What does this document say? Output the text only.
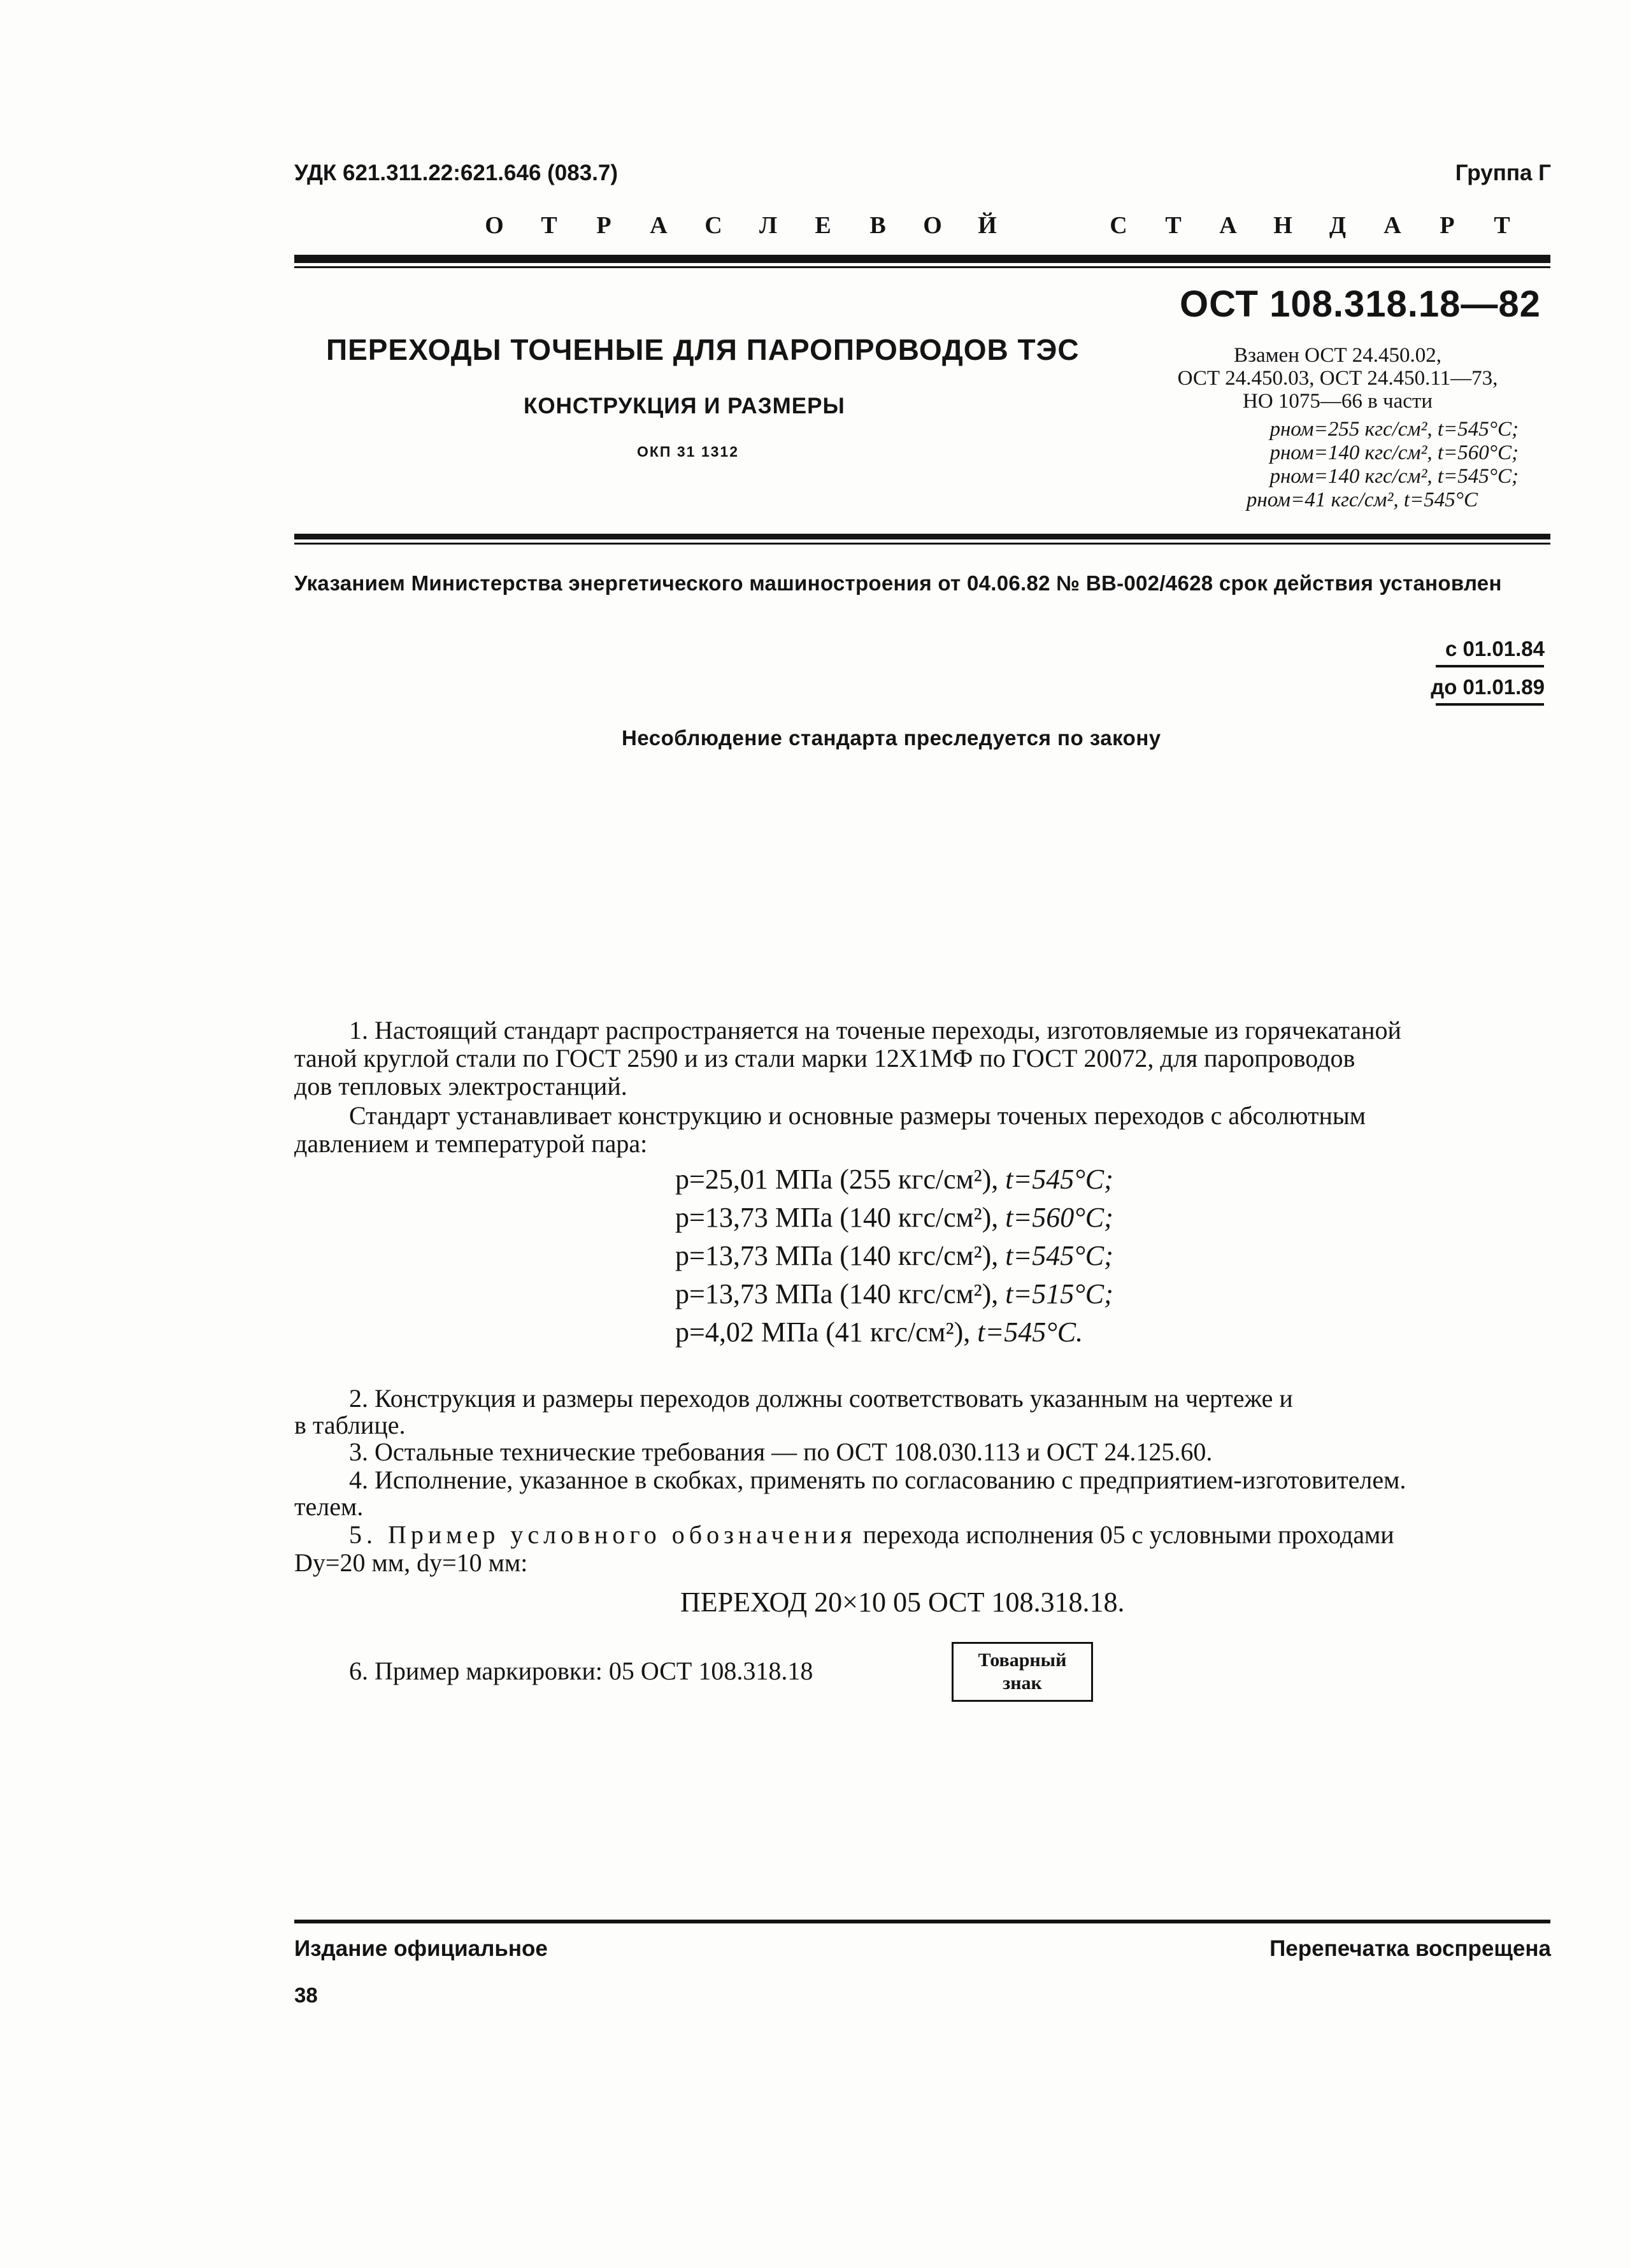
УДК 621.311.22:621.646 (083.7)	Группа Г
О Т Р А С Л Е В О Й	С Т А Н Д А Р Т
ОСТ 108.318.18—82
ПЕРЕХОДЫ ТОЧЕНЫЕ ДЛЯ ПАРОПРОВОДОВ ТЭС
КОНСТРУКЦИЯ И РАЗМЕРЫ
ОКП 31 1312
Взамен ОСТ 24.450.02,
ОСТ 24.450.03, ОСТ 24.450.11—73,
НО 1075—66 в части
pном=255 кгс/см², t=545°С;
pном=140 кгс/см², t=560°С;
pном=140 кгс/см², t=545°С;
pном=41 кгс/см², t=545°С
Указанием Министерства энергетического машиностроения от 04.06.82 № ВВ-002/4628 срок действия установлен
с 01.01.84
до 01.01.89
Несоблюдение стандарта преследуется по закону
1. Настоящий стандарт распространяется на точеные переходы, изготовляемые из горячекатаной
таной круглой стали по ГОСТ 2590 и из стали марки 12Х1МФ по ГОСТ 20072, для паропроводов
дов тепловых электростанций.
Стандарт устанавливает конструкцию и основные размеры точеных переходов с абсолютным
давлением и температурой пара:
p=25,01 МПа (255 кгс/см²), t=545°С;
p=13,73 МПа (140 кгс/см²), t=560°С;
p=13,73 МПа (140 кгс/см²), t=545°С;
p=13,73 МПа (140 кгс/см²), t=515°С;
p=4,02 МПа (41 кгс/см²), t=545°С.
2. Конструкция и размеры переходов должны соответствовать указанным на чертеже и
в таблице.
3. Остальные технические требования — по ОСТ 108.030.113 и ОСТ 24.125.60.
4. Исполнение, указанное в скобках, применять по согласованию с предприятием-изготовителем.
телем.
5. Пример условного обозначения перехода исполнения 05 с условными проходами
Dу=20 мм, dу=10 мм:
ПЕРЕХОД 20×10 05 ОСТ 108.318.18.
6. Пример маркировки: 05 ОСТ 108.318.18	Товарный
знак
Издание официальное	Перепечатка воспрещена
38
